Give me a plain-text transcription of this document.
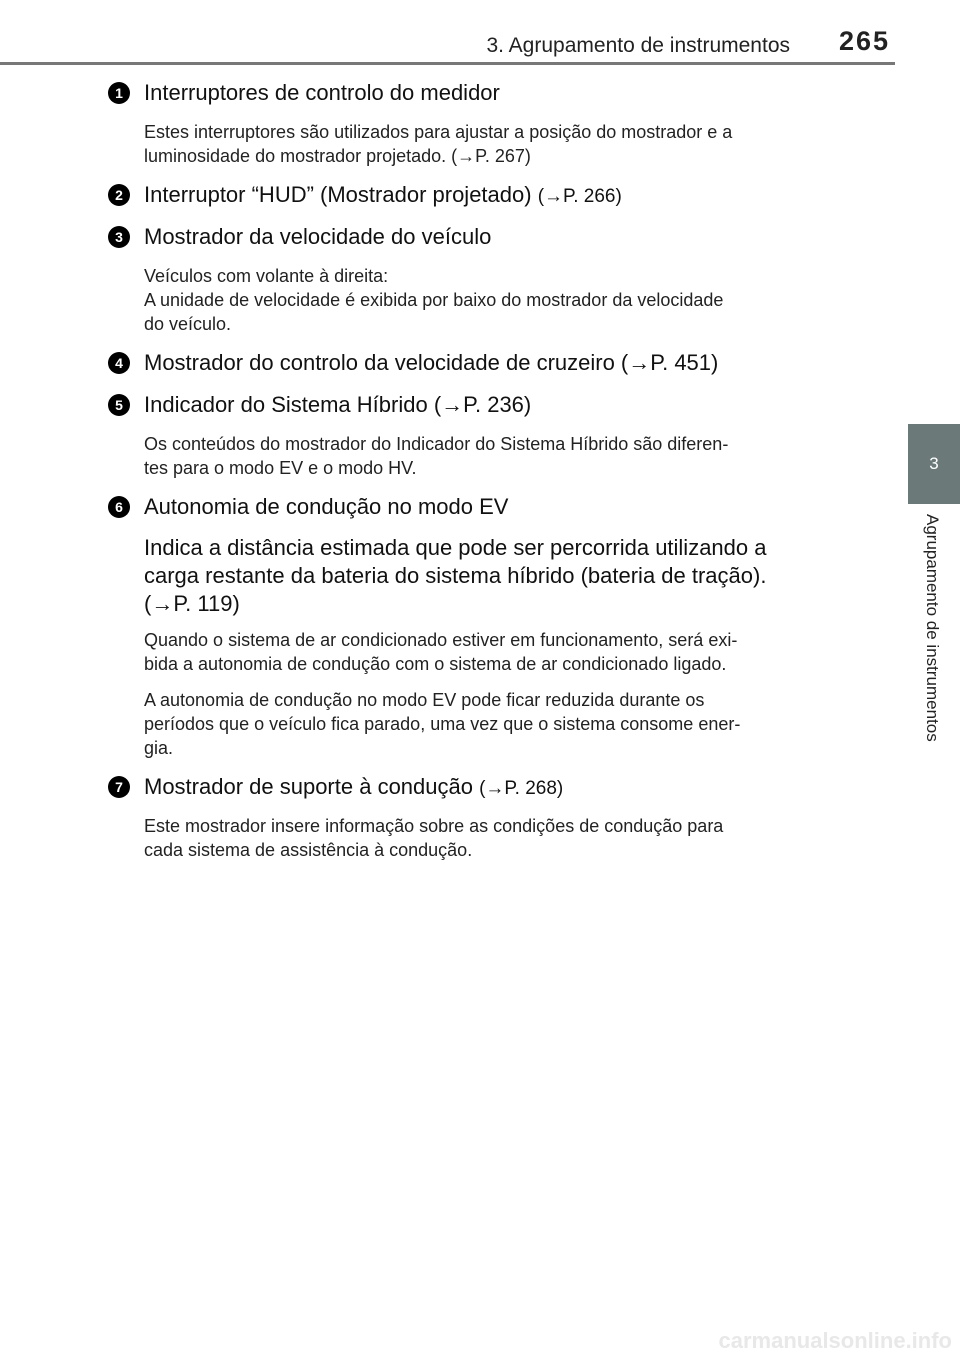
3. Agrupamento de instrumentos 265
3
Agrupamento de instrumentos
1 Interruptores de controlo do medidor
Estes interruptores são utilizados para ajustar a posição do mostrador e a
luminosidade do mostrador projetado. (→P. 267)
2 Interruptor “HUD” (Mostrador projetado) (→P. 266)
3 Mostrador da velocidade do veículo
Veículos com volante à direita:
A unidade de velocidade é exibida por baixo do mostrador da velocidade
do veículo.
4 Mostrador do controlo da velocidade de cruzeiro (→P. 451)
5 Indicador do Sistema Híbrido (→P. 236)
Os conteúdos do mostrador do Indicador do Sistema Híbrido são diferen-
tes para o modo EV e o modo HV.
6 Autonomia de condução no modo EV
Indica a distância estimada que pode ser percorrida utilizando a
carga restante da bateria do sistema híbrido (bateria de tração).
(→P. 119)
Quando o sistema de ar condicionado estiver em funcionamento, será exi-
bida a autonomia de condução com o sistema de ar condicionado ligado.
A autonomia de condução no modo EV pode ficar reduzida durante os
períodos que o veículo fica parado, uma vez que o sistema consome ener-
gia.
7 Mostrador de suporte à condução (→P. 268)
Este mostrador insere informação sobre as condições de condução para
cada sistema de assistência à condução.
carmanualsonline.info
